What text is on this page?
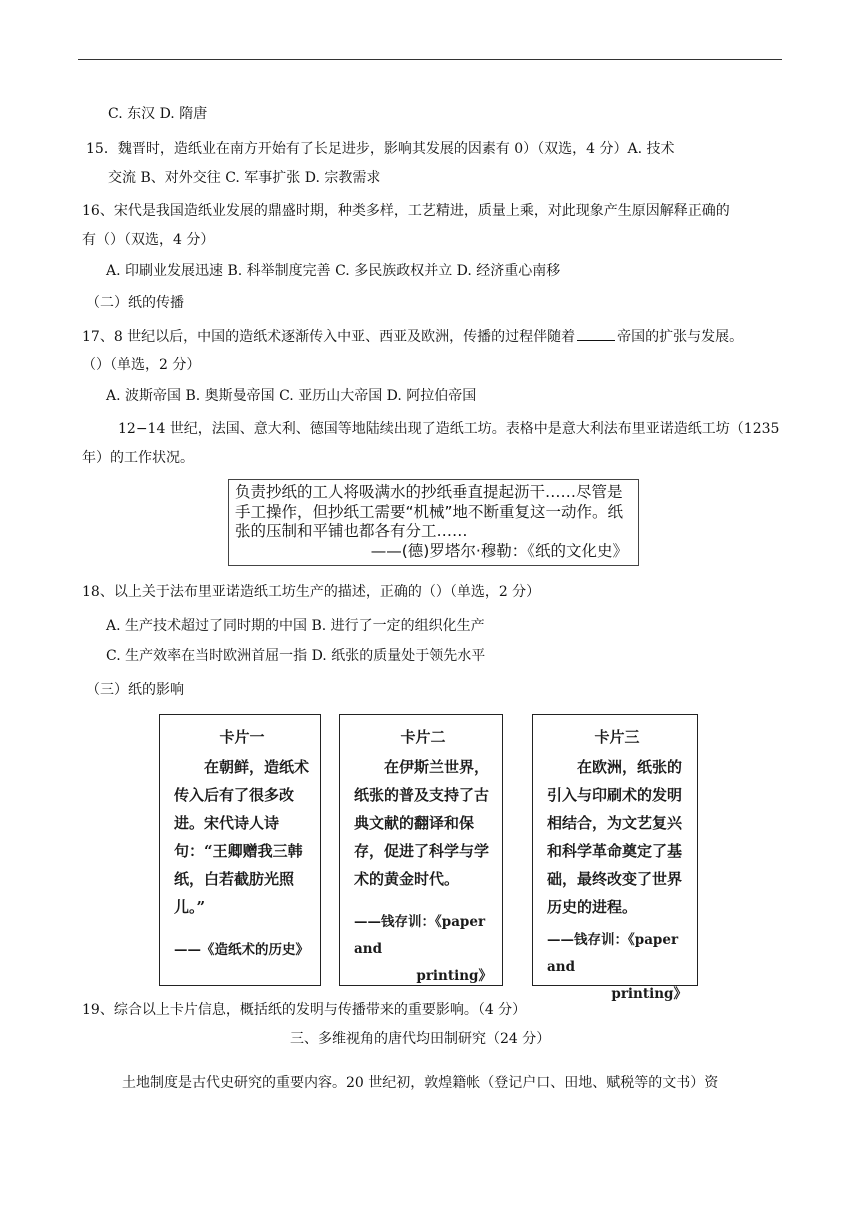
C. 东汉 D. 隋唐
15．魏晋时，造纸业在南方开始有了长足进步，影响其发展的因素有 0）（双选，4 分）A. 技术
交流 B、对外交往 C. 军事扩张 D. 宗教需求
16、宋代是我国造纸业发展的鼎盛时期，种类多样，工艺精进，质量上乘，对此现象产生原因解释正确的
有（）（双选，4 分）
A. 印刷业发展迅速 B. 科举制度完善 C. 多民族政权并立 D. 经济重心南移
（二）纸的传播
17、8 世纪以后，中国的造纸术逐渐传入中亚、西亚及欧洲，传播的过程伴随着	帝国的扩张与发展。
（）（单选，2 分）
A. 波斯帝国 B. 奥斯曼帝国 C. 亚历山大帝国 D. 阿拉伯帝国
12−14 世纪，法国、意大利、德国等地陆续出现了造纸工坊。表格中是意大利法布里亚诺造纸工坊（1235
年）的工作状况。
负责抄纸的工人将吸满水的抄纸垂直提起沥干……尽管是手工操作，但抄纸工需要“机械”地不断重复这一动作。纸张的压制和平铺也都各有分工……
——(德)罗塔尔·穆勒：《纸的文化史》
18、以上关于法布里亚诺造纸工坊生产的描述，正确的（）（单选，2 分）
A. 生产技术超过了同时期的中国 B. 进行了一定的组织化生产
C. 生产效率在当时欧洲首屈一指 D. 纸张的质量处于领先水平
（三）纸的影响
卡片一
在朝鲜，造纸术传入后有了很多改进。宋代诗人诗句：“王卿赠我三韩纸，白若截肪光照儿。”
——《造纸术的历史》
卡片二
在伊斯兰世界，纸张的普及支持了古典文献的翻译和保存，促进了科学与学术的黄金时代。
——钱存训：《paper and
printing》
卡片三
在欧洲，纸张的引入与印刷术的发明相结合，为文艺复兴和科学革命奠定了基础，最终改变了世界历史的进程。
——钱存训：《paper and
printing》
19、综合以上卡片信息，概括纸的发明与传播带来的重要影响。（4 分）
三、多维视角的唐代均田制研究（24 分）
土地制度是古代史研究的重要内容。20 世纪初，敦煌籍帐（登记户口、田地、赋税等的文书）资
